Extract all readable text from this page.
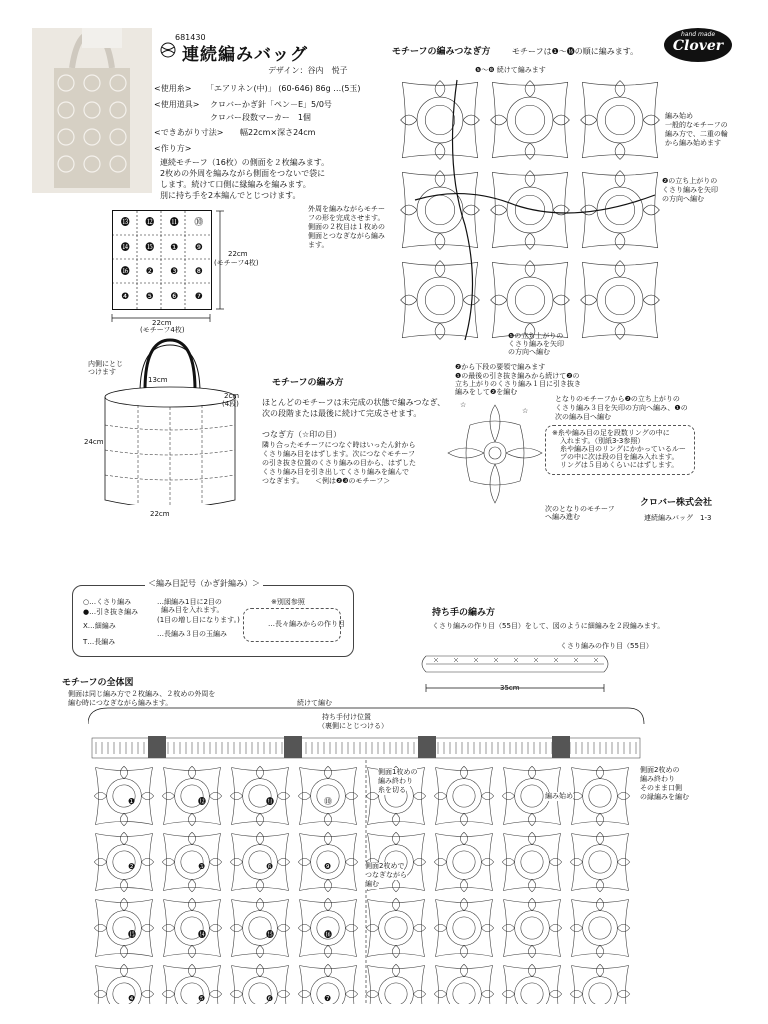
681430
連続編みバッグ
デザイン：谷内　悦子
<使用糸> 「エアリネン(中)」 (60-646) 86g …(5玉)
<使用道具> クロバーかぎ針「ペン－E」5/0号
クロバー段数マーカー　1個
<できあがり寸法> 幅22cm×深さ24cm
<作り方>
連続モチーフ（16枚）の側面を２枚編みます。
2枚めの外周を編みながら側面をつないで袋に
します。続けて口側に縁編みを編みます。
別に持ち手を2本編んでとじつけます。
hand made
Clover
⓭	⓬	⓫	⓾
⓮	⓯	❶	❾
⓰	❷	❸	❽
❹	❺	❻	❼
22cm
(モチーフ4枚)
22cm
(モチーフ4枚)
内側にとじ
つけます
13cm
2cm
(4段)
24cm
22cm
モチーフの編みつなぎ方	モチーフは❶～⓰の順に編みます。
❺～❽ 続けて編みます
編み始め
一般的なモチーフの
編み方で、二重の輪
から編み始めます
❷の立ち上がりの
くさり編みを矢印
の方向へ編む
外周を編みながらモチー
フの形を完成させます。
側面の２枚目は１枚めの
側面とつなぎながら編み
ます。
❺の立ち上がりの
くさり編みを矢印
の方向へ編む
モチーフの編み方
ほとんどのモチーフは未完成の状態で編みつなぎ、
次の段階または最後に続けて完成させます。
つなぎ方（☆印の目）
隣り合ったモチーフにつなぐ時はいったん針から
くさり編み目をはずします。次につなぐモチーフ
の引き抜き位置のくさり編みの目から、はずした
くさり編み目を引き出してくさり編みを編んで
つなぎます。 ＜例は❷❸のモチーフ＞
❷から下段の要領で編みます
❶の最後の引き抜き編みから続けて❷の
立ち上がりのくさり編み１目に引き抜き
編みをして❷を編む
☆
☆
となりのモチーフから❷の立ち上がりの
くさり編み３目を矢印の方向へ編み、❶の
次の編み目へ編む
※糸や編み目の足を段数リングの中に
入れます。（別紙3-3参照）
糸や編み目のリングにかかっているルー
プの中に次は段の目を編み入れます。
リングは５目めくらいにはずします。
次のとなりのモチーフ
へ編み進む
クロバー株式会社
連続編みバッグ　1-3
＜編み目記号（かぎ針編み）＞
○…くさり編み
●…引き抜き編み
X…細編み
T…長編み
…細編み1目に2目の
編み目を入れます。
(1目の増し目になります。)
…長編み３目の玉編み
※別図参照
…長々編みからの作り目
持ち手の編み方
くさり編みの作り目（55目）をして、図のように細編みを２段編みます。
くさり編みの作り目（55目）
35cm
モチーフの全体図
側面は同じ編み方で２枚編み、２枚めの外周を
編む時につなぎながら編みます。	続けて編む
持ち手付け位置
（裏側にとじつける）
❶	⓬	⓫	⓾
❷	❸	❽	❾
⓭	⓮	⓯	⓰
❹	❺	❻	❼
側面1枚めの
編み終わり
糸を切る
編み始め
側面2枚めで
つなぎながら
編む
側面2枚めの
編み終わり
そのまま口側
の縁編みを編む
